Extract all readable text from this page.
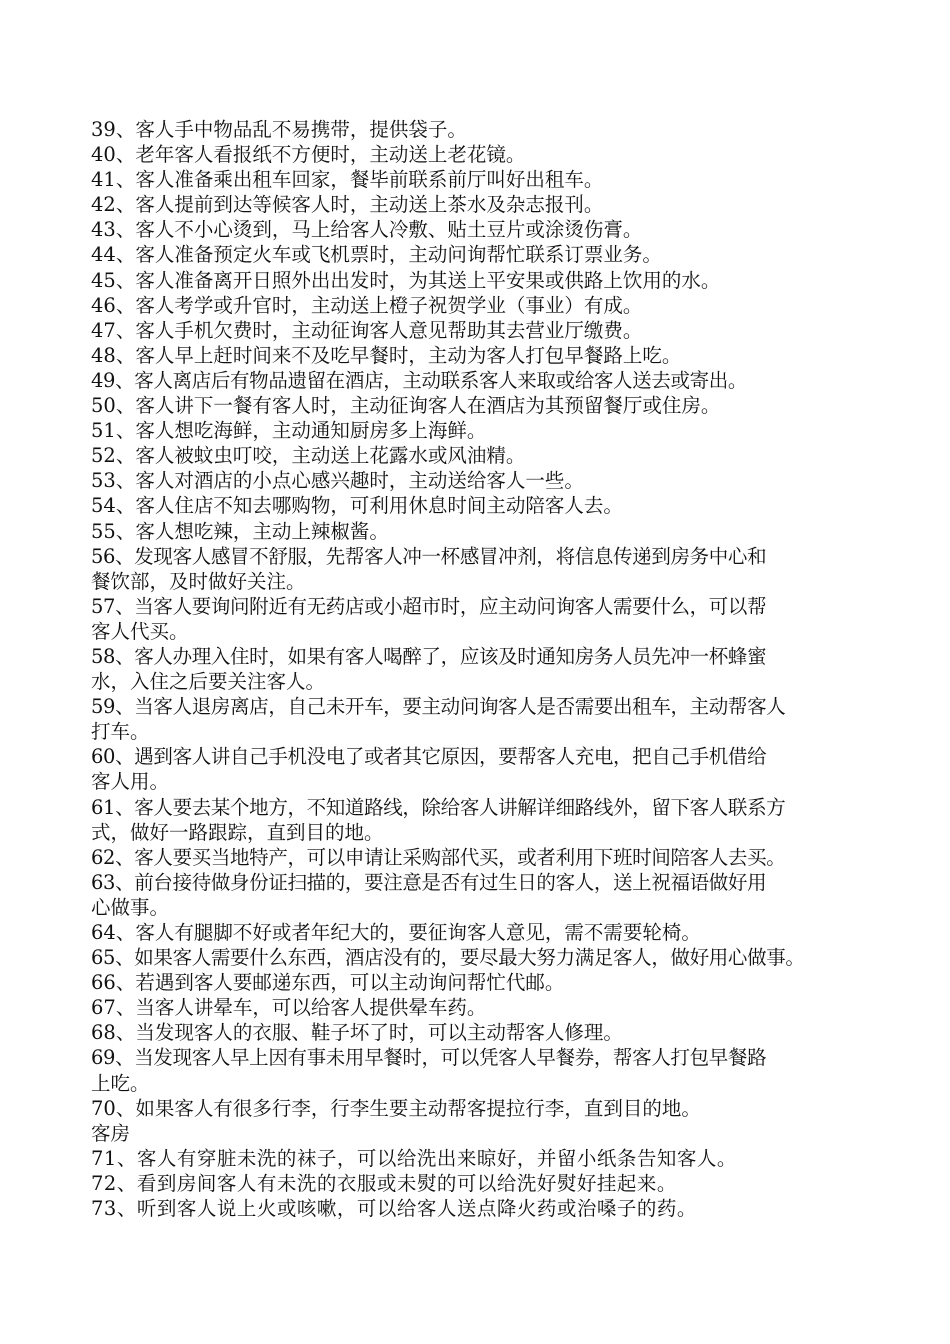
39、客人手中物品乱不易携带，提供袋子。
40、老年客人看报纸不方便时，主动送上老花镜。
41、客人准备乘出租车回家，餐毕前联系前厅叫好出租车。
42、客人提前到达等候客人时，主动送上茶水及杂志报刊。
43、客人不小心烫到，马上给客人冷敷、贴土豆片或涂烫伤膏。
44、客人准备预定火车或飞机票时，主动问询帮忙联系订票业务。
45、客人准备离开日照外出出发时，为其送上平安果或供路上饮用的水。
46、客人考学或升官时，主动送上橙子祝贺学业（事业）有成。
47、客人手机欠费时，主动征询客人意见帮助其去营业厅缴费。
48、客人早上赶时间来不及吃早餐时，主动为客人打包早餐路上吃。
49、客人离店后有物品遗留在酒店，主动联系客人来取或给客人送去或寄出。
50、客人讲下一餐有客人时，主动征询客人在酒店为其预留餐厅或住房。
51、客人想吃海鲜，主动通知厨房多上海鲜。
52、客人被蚊虫叮咬，主动送上花露水或风油精。
53、客人对酒店的小点心感兴趣时，主动送给客人一些。
54、客人住店不知去哪购物，可利用休息时间主动陪客人去。
55、客人想吃辣，主动上辣椒酱。
56、发现客人感冒不舒服，先帮客人冲一杯感冒冲剂，将信息传递到房务中心和
餐饮部，及时做好关注。
57、当客人要询问附近有无药店或小超市时，应主动问询客人需要什么，可以帮
客人代买。
58、客人办理入住时，如果有客人喝醉了，应该及时通知房务人员先冲一杯蜂蜜
水，入住之后要关注客人。
59、当客人退房离店，自己未开车，要主动问询客人是否需要出租车，主动帮客人
打车。
60、遇到客人讲自己手机没电了或者其它原因，要帮客人充电，把自己手机借给
客人用。
61、客人要去某个地方，不知道路线，除给客人讲解详细路线外，留下客人联系方
式，做好一路跟踪，直到目的地。
62、客人要买当地特产，可以申请让采购部代买，或者利用下班时间陪客人去买。
63、前台接待做身份证扫描的，要注意是否有过生日的客人，送上祝福语做好用
心做事。
64、客人有腿脚不好或者年纪大的，要征询客人意见，需不需要轮椅。
65、如果客人需要什么东西，酒店没有的，要尽最大努力满足客人，做好用心做事。
66、若遇到客人要邮递东西，可以主动询问帮忙代邮。
67、当客人讲晕车，可以给客人提供晕车药。
68、当发现客人的衣服、鞋子坏了时，可以主动帮客人修理。
69、当发现客人早上因有事未用早餐时，可以凭客人早餐券，帮客人打包早餐路
上吃。
70、如果客人有很多行李，行李生要主动帮客提拉行李，直到目的地。
客房
71、客人有穿脏未洗的袜子，可以给洗出来晾好，并留小纸条告知客人。
72、看到房间客人有未洗的衣服或未熨的可以给洗好熨好挂起来。
73、听到客人说上火或咳嗽，可以给客人送点降火药或治嗓子的药。
